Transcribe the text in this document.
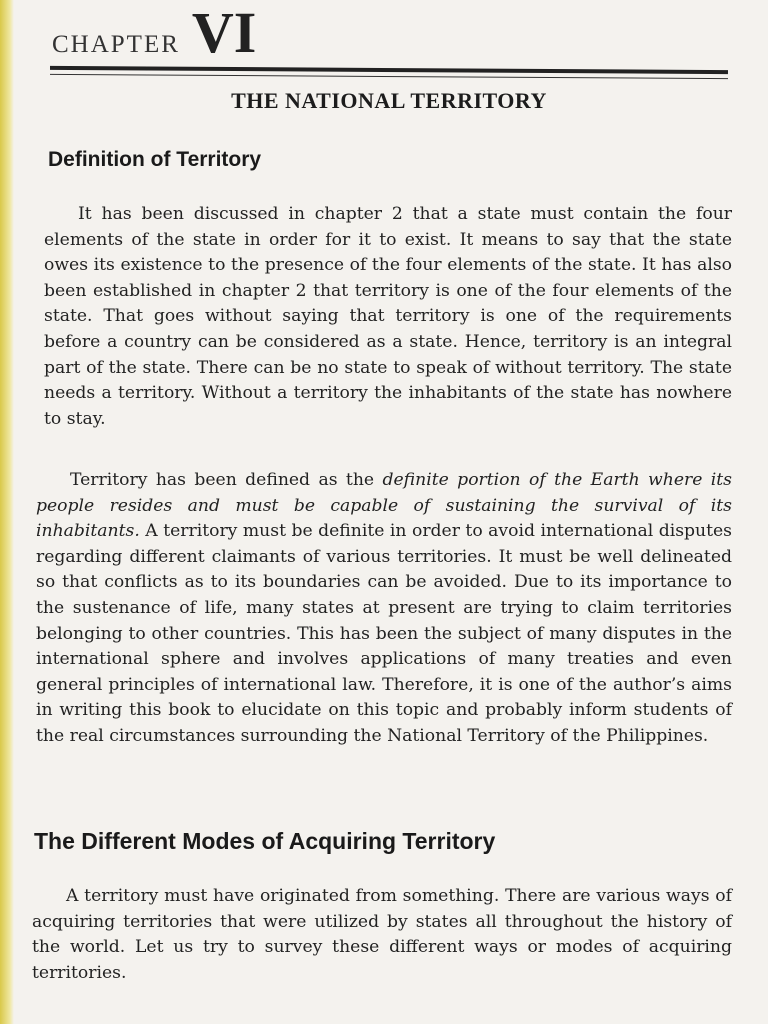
CHAPTER VI
THE NATIONAL TERRITORY
Definition of Territory

It has been discussed in chapter 2 that a state must contain the four elements of the state in order for it to exist. It means to say that the state owes its existence to the presence of the four elements of the state. It has also been established in chapter 2 that territory is one of the four elements of the state. That goes without saying that territory is one of the requirements before a country can be considered as a state. Hence, territory is an integral part of the state. There can be no state to speak of without territory. The state needs a territory. Without a territory the inhabitants of the state has nowhere to stay.

Territory has been defined as the definite portion of the Earth where its people resides and must be capable of sustaining the survival of its inhabitants. A territory must be definite in order to avoid international disputes regarding different claimants of various territories. It must be well delineated so that conflicts as to its boundaries can be avoided. Due to its importance to the sustenance of life, many states at present are trying to claim territories belonging to other countries. This has been the subject of many disputes in the international sphere and involves applications of many treaties and even general principles of international law. Therefore, it is one of the author’s aims in writing this book to elucidate on this topic and probably inform students of the real circumstances surrounding the National Territory of the Philippines.

The Different Modes of Acquiring Territory

A territory must have originated from something. There are various ways of acquiring territories that were utilized by states all throughout the history of the world. Let us try to survey these different ways or modes of acquiring territories.
